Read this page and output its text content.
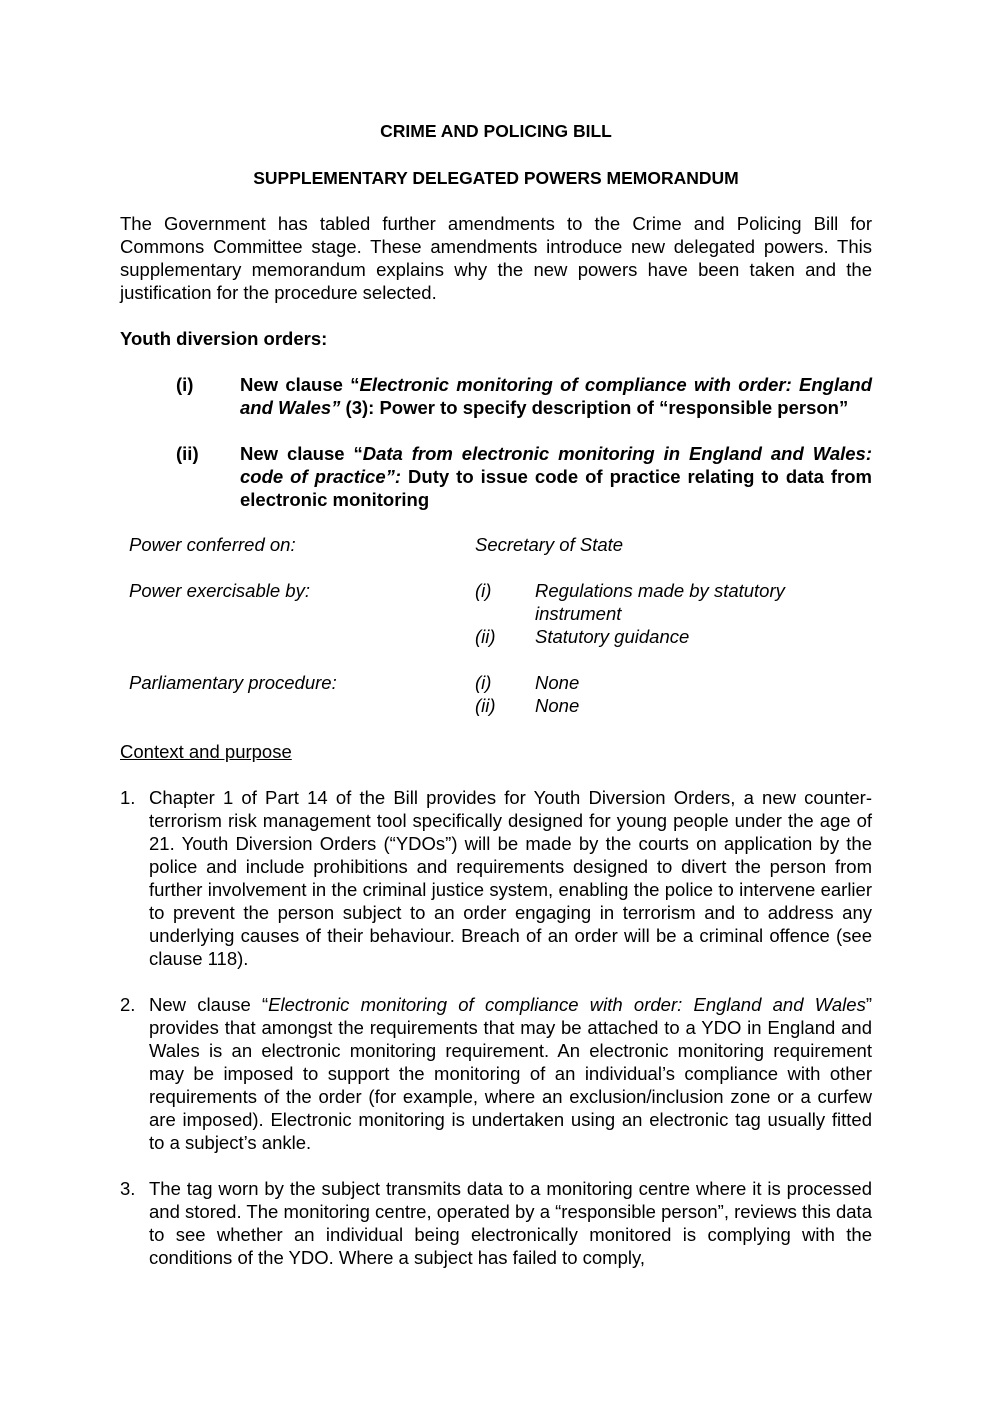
CRIME AND POLICING BILL
SUPPLEMENTARY DELEGATED POWERS MEMORANDUM
The Government has tabled further amendments to the Crime and Policing Bill for Commons Committee stage. These amendments introduce new delegated powers. This supplementary memorandum explains why the new powers have been taken and the justification for the procedure selected.
Youth diversion orders:
(i)	New clause “Electronic monitoring of compliance with order: England and Wales” (3): Power to specify description of “responsible person”
(ii) New clause “Data from electronic monitoring in England and Wales: code of practice”: Duty to issue code of practice relating to data from electronic monitoring
Power conferred on:	Secretary of State
Power exercisable by:	(i) Regulations made by statutory instrument
(ii) Statutory guidance
Parliamentary procedure:	(i) None
(ii) None
Context and purpose
1. Chapter 1 of Part 14 of the Bill provides for Youth Diversion Orders, a new counter-terrorism risk management tool specifically designed for young people under the age of 21. Youth Diversion Orders (“YDOs”) will be made by the courts on application by the police and include prohibitions and requirements designed to divert the person from further involvement in the criminal justice system, enabling the police to intervene earlier to prevent the person subject to an order engaging in terrorism and to address any underlying causes of their behaviour. Breach of an order will be a criminal offence (see clause 118).
2. New clause “Electronic monitoring of compliance with order: England and Wales” provides that amongst the requirements that may be attached to a YDO in England and Wales is an electronic monitoring requirement. An electronic monitoring requirement may be imposed to support the monitoring of an individual’s compliance with other requirements of the order (for example, where an exclusion/inclusion zone or a curfew are imposed). Electronic monitoring is undertaken using an electronic tag usually fitted to a subject’s ankle.
3. The tag worn by the subject transmits data to a monitoring centre where it is processed and stored. The monitoring centre, operated by a “responsible person”, reviews this data to see whether an individual being electronically monitored is complying with the conditions of the YDO. Where a subject has failed to comply,
